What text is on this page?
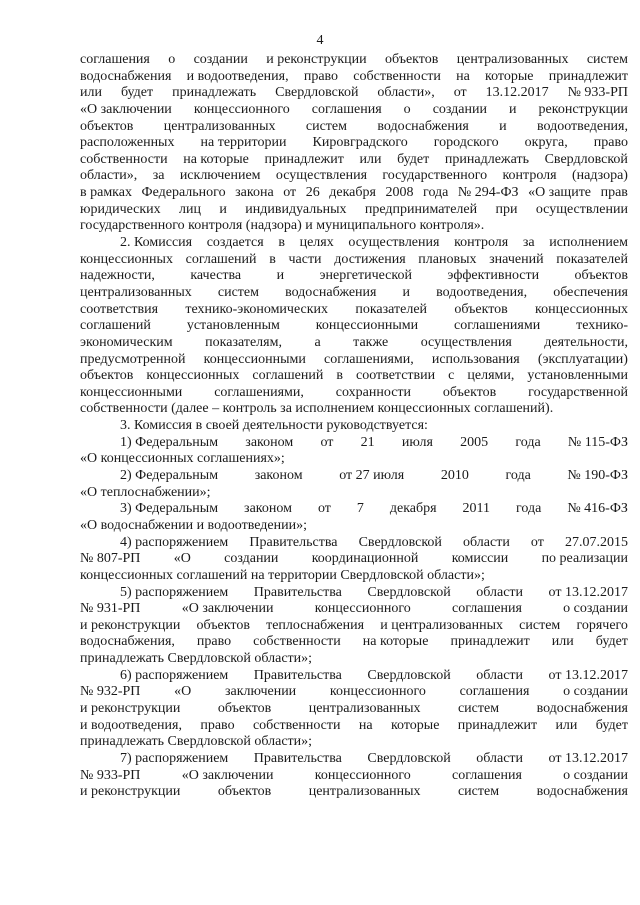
4
соглашения о создании и реконструкции объектов централизованных систем
водоснабжения и водоотведения, право собственности на которые принадлежит
или будет принадлежать Свердловской области», от 13.12.2017 № 933-РП
«О заключении концессионного соглашения о создании и реконструкции
объектов централизованных систем водоснабжения и водоотведения,
расположенных на территории Кировградского городского округа, право
собственности на которые принадлежит или будет принадлежать Свердловской
области», за исключением осуществления государственного контроля (надзора)
в рамках Федерального закона от 26 декабря 2008 года № 294-ФЗ «О защите прав
юридических лиц и индивидуальных предпринимателей при осуществлении
государственного контроля (надзора) и муниципального контроля».
2. Комиссия создается в целях осуществления контроля за исполнением
концессионных соглашений в части достижения плановых значений показателей
надежности,	качества	и	энергетической	эффективности	объектов
централизованных систем водоснабжения и водоотведения, обеспечения
соответствия технико-экономических показателей объектов концессионных
соглашений	установленным	концессионными	соглашениями	технико-
экономическим показателям, а также осуществления деятельности,
предусмотренной концессионными соглашениями, использования (эксплуатации)
объектов концессионных соглашений в соответствии с целями, установленными
концессионными соглашениями, сохранности объектов государственной
собственности (далее – контроль за исполнением концессионных соглашений).
3. Комиссия в своей деятельности руководствуется:
1) Федеральным законом от 21 июля 2005 года № 115-ФЗ
«О концессионных соглашениях»;
2) Федеральным	законом	от 27 июля	2010	года	№ 190-ФЗ
«О теплоснабжении»;
3) Федеральным законом от 7 декабря 2011 года № 416-ФЗ
«О водоснабжении и водоотведении»;
4) распоряжением Правительства Свердловской области от 27.07.2015
№ 807-РП «О создании координационной комиссии по реализации
концессионных соглашений на территории Свердловской области»;
5) распоряжением Правительства Свердловской области от 13.12.2017
№ 931-РП	«О заключении	концессионного	соглашения	о создании
и реконструкции объектов теплоснабжения и централизованных систем горячего
водоснабжения, право собственности на которые принадлежит или будет
принадлежать Свердловской области»;
6) распоряжением Правительства Свердловской области от 13.12.2017
№ 932-РП «О заключении концессионного соглашения о создании
и реконструкции	объектов	централизованных	систем	водоснабжения
и водоотведения, право собственности на которые принадлежит или будет
принадлежать Свердловской области»;
7) распоряжением Правительства Свердловской области от 13.12.2017
№ 933-РП	«О заключении	концессионного	соглашения	о создании
и реконструкции	объектов	централизованных	систем	водоснабжения
